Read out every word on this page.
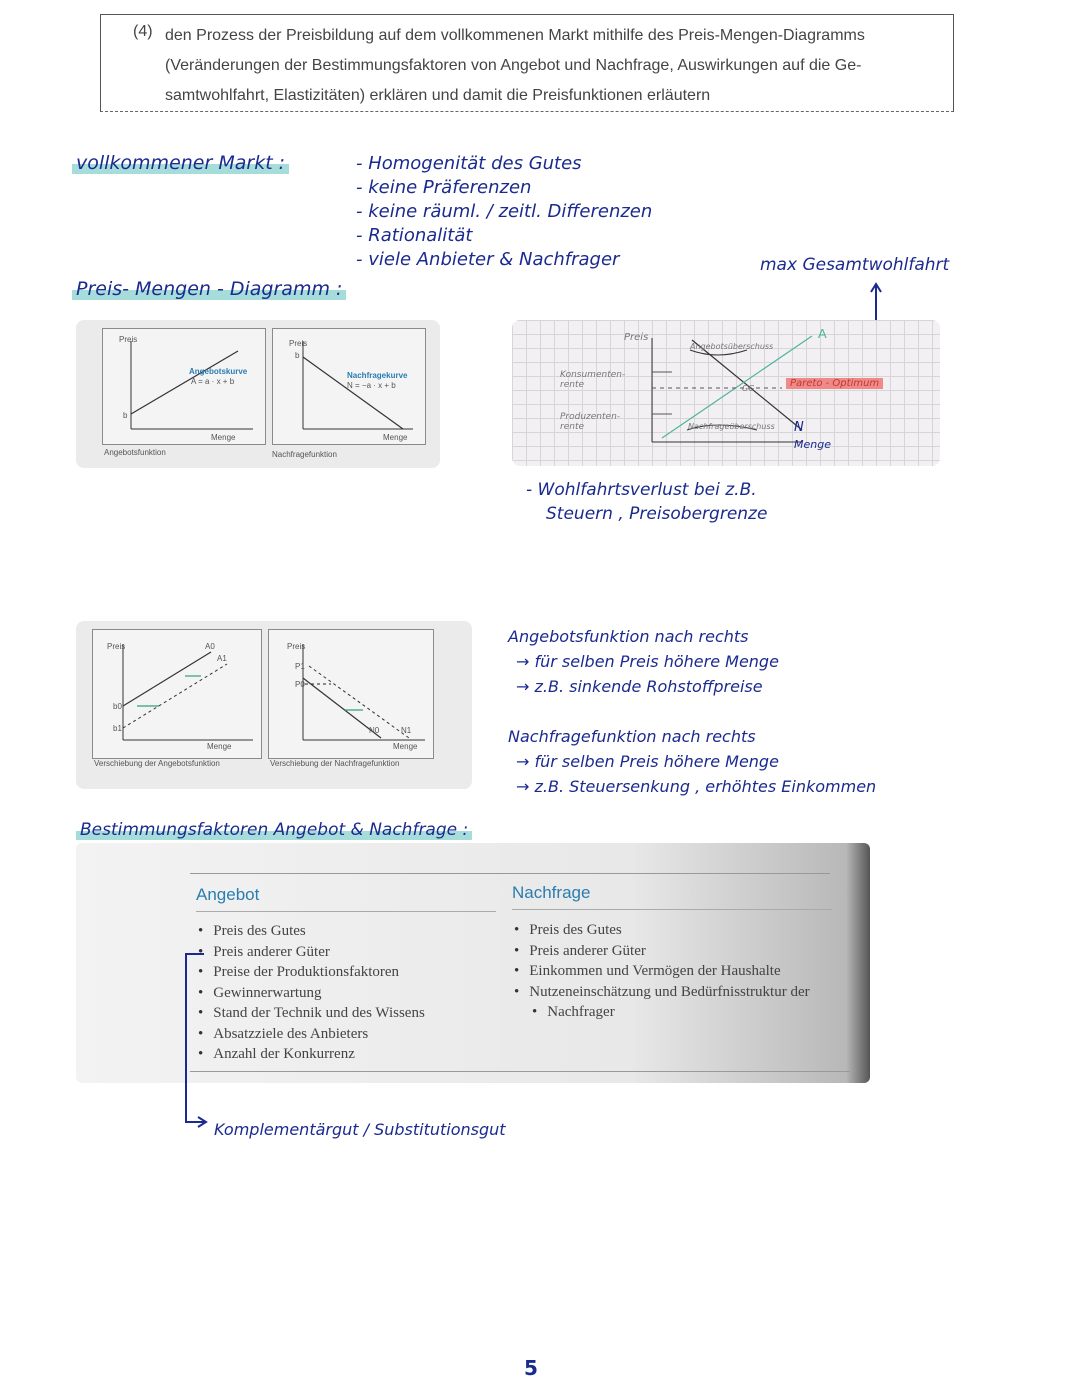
(4) den Prozess der Preisbildung auf dem vollkommenen Markt mithilfe des Preis-Mengen-Diagramms
(Veränderungen der Bestimmungsfaktoren von Angebot und Nachfrage, Auswirkungen auf die Ge-
samtwohlfahrt, Elastizitäten) erklären und damit die Preisfunktionen erläutern
vollkommener Markt :	- Homogenität des Gutes
- keine Präferenzen
- keine räuml. / zeitl. Differenzen
- Rationalität
- viele Anbieter & Nachfrager	max Gesamtwohlfahrt
Preis- Mengen - Diagramm :
Preis
Angebotskurve
A = a · x + b
b
Menge
Angebotsfunktion
Preis
b
Nachfragekurve
N = −a · x + b
Menge
Nachfragefunktion
Preis
Angebotsüberschuss
A
Konsumenten- rente	GG	Pareto - Optimum
Produzenten- rente	Nachfrageüberschuss N
Menge
- Wohlfahrtsverlust bei z.B.
Steuern , Preisobergrenze
Preis	A0
A1
b0
b1
Menge
Verschiebung der Angebotsfunktion
Preis
P1
P0
N0	N1
Menge
Verschiebung der Nachfragefunktion
Angebotsfunktion nach rechts
→ für selben Preis höhere Menge
→ z.B. sinkende Rohstoffpreise
Nachfragefunktion nach rechts
→ für selben Preis höhere Menge
→ z.B. Steuersenkung , erhöhtes Einkommen
Bestimmungsfaktoren Angebot & Nachfrage :
Angebot
• Preis des Gutes
• Preis anderer Güter
• Preise der Produktionsfaktoren
• Gewinnerwartung
• Stand der Technik und des Wissens
• Absatzziele des Anbieters
• Anzahl der Konkurrenz
Nachfrage
• Preis des Gutes
• Preis anderer Güter
• Einkommen und Vermögen der Haushalte
• Nutzeneinschätzung und Bedürfnisstruktur der
• Nachfrager
Komplementärgut / Substitutionsgut
5
